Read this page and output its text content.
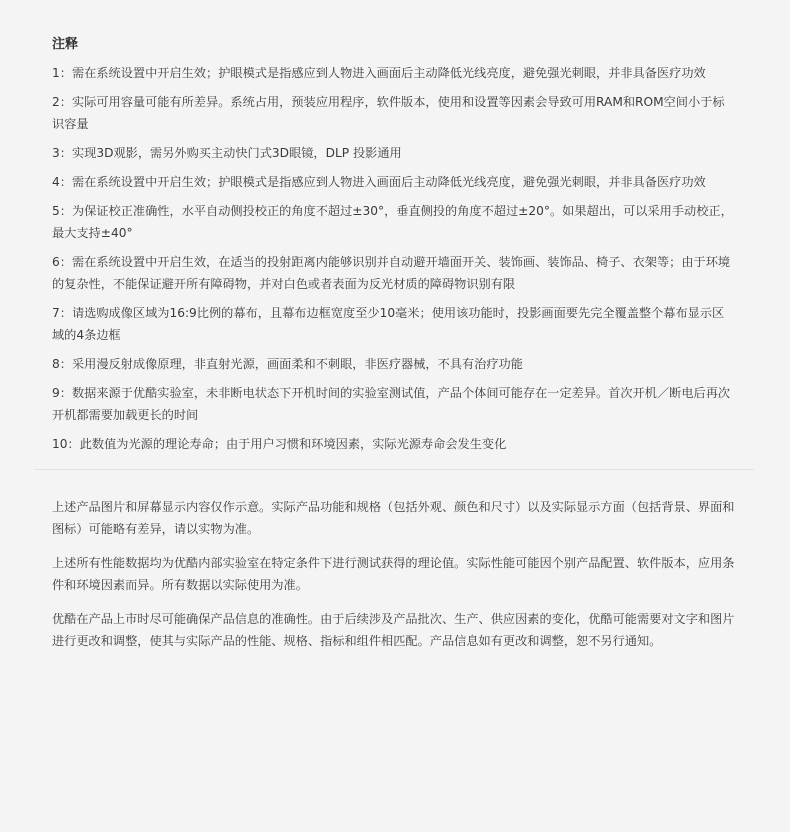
注释
1：需在系统设置中开启生效；护眼模式是指感应到人物进入画面后主动降低光线亮度，避免强光刺眼，并非具备医疗功效
2：实际可用容量可能有所差异。系统占用，预装应用程序，软件版本，使用和设置等因素会导致可用RAM和ROM空间小于标识容量
3：实现3D观影，需另外购买主动快门式3D眼镜，DLP 投影通用
4：需在系统设置中开启生效；护眼模式是指感应到人物进入画面后主动降低光线亮度，避免强光刺眼，并非具备医疗功效
5：为保证校正准确性，水平自动侧投校正的角度不超过±30°，垂直侧投的角度不超过±20°。如果超出，可以采用手动校正，最大支持±40°
6：需在系统设置中开启生效，在适当的投射距离内能够识别并自动避开墙面开关、装饰画、装饰品、椅子、衣架等；由于环境的复杂性，不能保证避开所有障碍物，并对白色或者表面为反光材质的障碍物识别有限
7：请选购成像区域为16:9比例的幕布，且幕布边框宽度至少10毫米；使用该功能时，投影画面要先完全覆盖整个幕布显示区域的4条边框
8：采用漫反射成像原理，非直射光源，画面柔和不刺眼，非医疗器械，不具有治疗功能
9：数据来源于优酷实验室，未非断电状态下开机时间的实验室测试值，产品个体间可能存在一定差异。首次开机／断电后再次开机都需要加载更长的时间
10：此数值为光源的理论寿命；由于用户习惯和环境因素，实际光源寿命会发生变化

上述产品图片和屏幕显示内容仅作示意。实际产品功能和规格（包括外观、颜色和尺寸）以及实际显示方面（包括背景、界面和图标）可能略有差异，请以实物为准。

上述所有性能数据均为优酷内部实验室在特定条件下进行测试获得的理论值。实际性能可能因个别产品配置、软件版本，应用条件和环境因素而异。所有数据以实际使用为准。

优酷在产品上市时尽可能确保产品信息的准确性。由于后续涉及产品批次、生产、供应因素的变化，优酷可能需要对文字和图片进行更改和调整，使其与实际产品的性能、规格、指标和组件相匹配。产品信息如有更改和调整，恕不另行通知。
